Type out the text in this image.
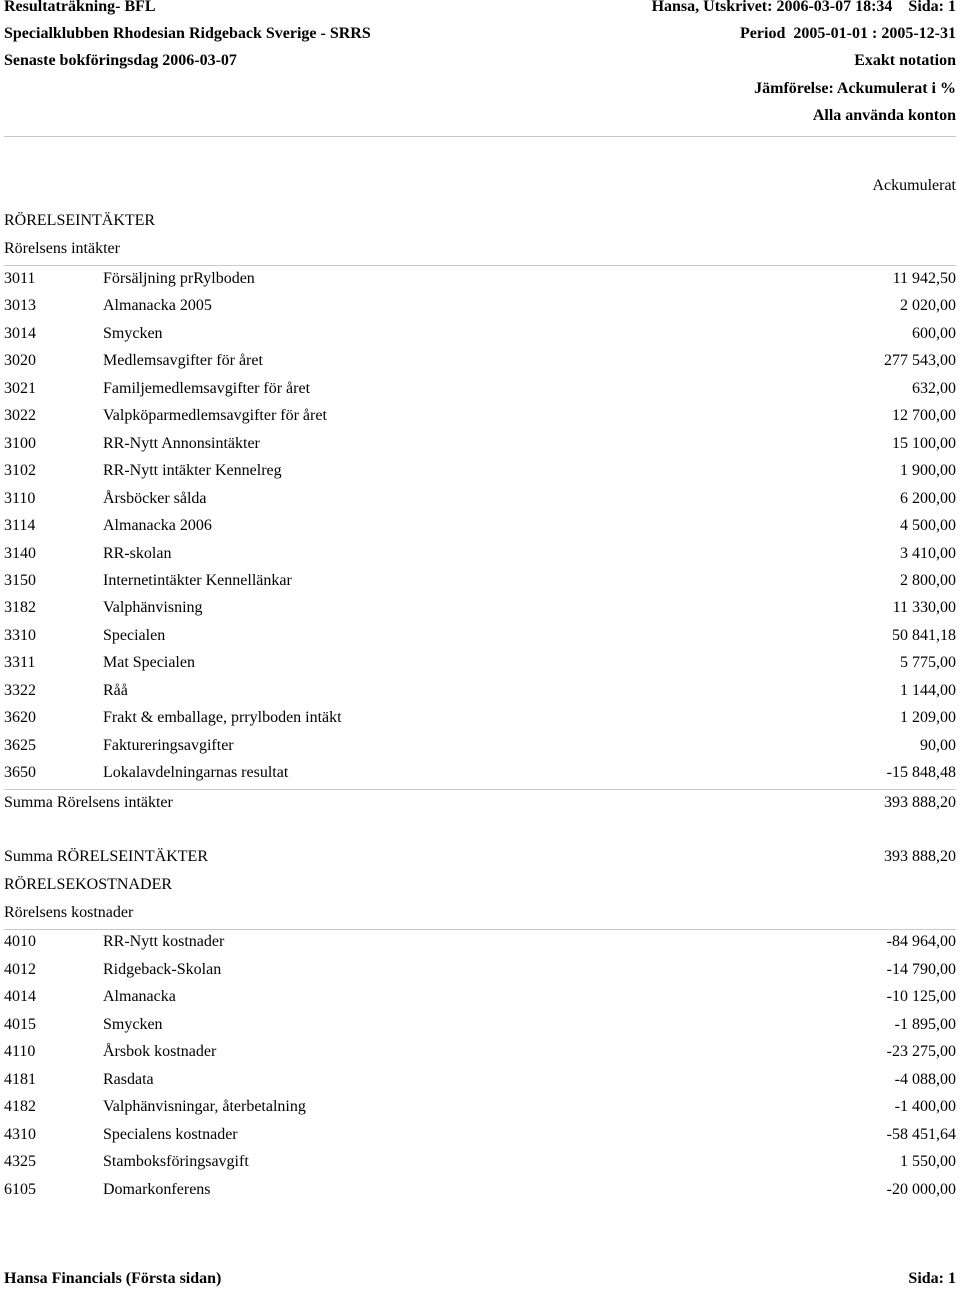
Resultaträkning- BFL
Specialklubben Rhodesian Ridgeback Sverige - SRRS
Senaste bokföringsdag 2006-03-07
Hansa, Utskrivet: 2006-03-07 18:34    Sida: 1
Period  2005-01-01 : 2005-12-31
Exakt notation
Jämförelse: Ackumulerat i %
Alla använda konton
Ackumulerat
RÖRELSEINTÄKTER
Rörelsens intäkter
3011	Försäljning prRylboden	11 942,50
3013	Almanacka 2005	2 020,00
3014	Smycken	600,00
3020	Medlemsavgifter för året	277 543,00
3021	Familjemedlemsavgifter för året	632,00
3022	Valpköparmedlemsavgifter för året	12 700,00
3100	RR-Nytt Annonsintäkter	15 100,00
3102	RR-Nytt intäkter Kennelreg	1 900,00
3110	Årsböcker sålda	6 200,00
3114	Almanacka 2006	4 500,00
3140	RR-skolan	3 410,00
3150	Internetintäkter Kennellänkar	2 800,00
3182	Valphänvisning	11 330,00
3310	Specialen	50 841,18
3311	Mat Specialen	5 775,00
3322	Råå	1 144,00
3620	Frakt & emballage, prrylboden intäkt	1 209,00
3625	Faktureringsavgifter	90,00
3650	Lokalavdelningarnas resultat	-15 848,48
Summa Rörelsens intäkter	393 888,20
Summa RÖRELSEINTÄKTER	393 888,20
RÖRELSEKOSTNADER
Rörelsens kostnader
4010	RR-Nytt kostnader	-84 964,00
4012	Ridgeback-Skolan	-14 790,00
4014	Almanacka	-10 125,00
4015	Smycken	-1 895,00
4110	Årsbok kostnader	-23 275,00
4181	Rasdata	-4 088,00
4182	Valphänvisningar, återbetalning	-1 400,00
4310	Specialens kostnader	-58 451,64
4325	Stamboksföringsavgift	1 550,00
6105	Domarkonferens	-20 000,00
Hansa Financials (Första sidan)	Sida: 1
